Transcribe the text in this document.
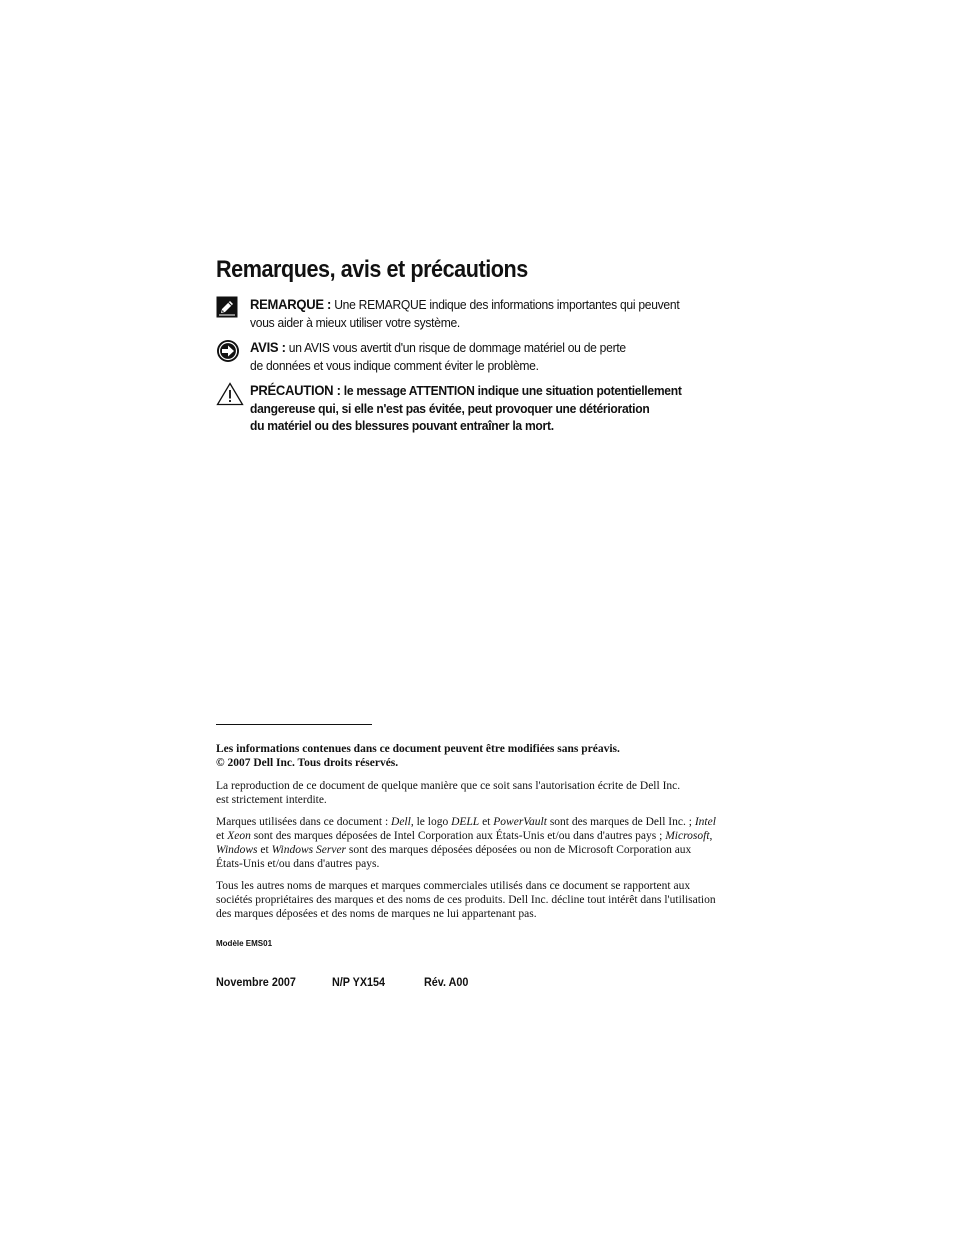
Remarques, avis et précautions
REMARQUE : Une REMARQUE indique des informations importantes qui peuvent
vous aider à mieux utiliser votre système.
AVIS : un AVIS vous avertit d'un risque de dommage matériel ou de perte
de données et vous indique comment éviter le problème.
PRÉCAUTION : le message ATTENTION indique une situation potentiellement
dangereuse qui, si elle n'est pas évitée, peut provoquer une détérioration
du matériel ou des blessures pouvant entraîner la mort.
Les informations contenues dans ce document peuvent être modifiées sans préavis.
© 2007 Dell Inc. Tous droits réservés.
La reproduction de ce document de quelque manière que ce soit sans l'autorisation écrite de Dell Inc.
est strictement interdite.

Marques utilisées dans ce document : Dell, le logo DELL et PowerVault sont des marques de Dell Inc. ; Intel et Xeon sont des marques déposées de Intel Corporation aux États-Unis et/ou dans d'autres pays ; Microsoft, Windows et Windows Server sont des marques déposées déposées ou non de Microsoft Corporation aux États-Unis et/ou dans d'autres pays.

Tous les autres noms de marques et marques commerciales utilisés dans ce document se rapportent aux sociétés propriétaires des marques et des noms de ces produits. Dell Inc. décline tout intérêt dans l'utilisation des marques déposées et des noms de marques ne lui appartenant pas.

Modèle EMS01
Novembre 2007	N/P YX154	Rév. A00
